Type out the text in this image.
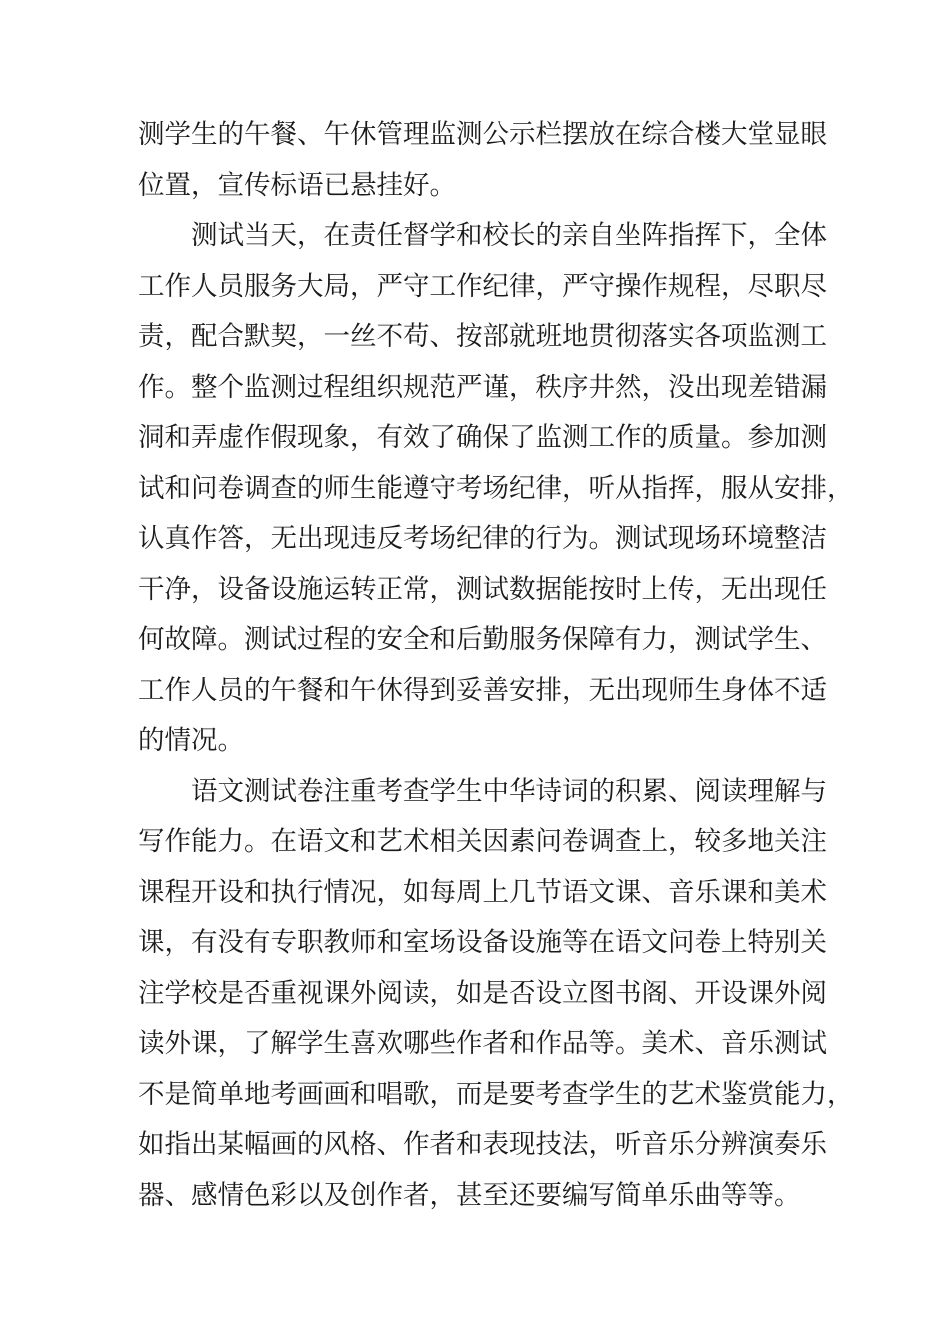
测学生的午餐、午休管理监测公示栏摆放在综合楼大堂显眼
位置，宣传标语已悬挂好。
测试当天，在责任督学和校长的亲自坐阵指挥下，全体
工作人员服务大局，严守工作纪律，严守操作规程，尽职尽
责，配合默契，一丝不苟、按部就班地贯彻落实各项监测工
作。整个监测过程组织规范严谨，秩序井然，没出现差错漏
洞和弄虚作假现象，有效了确保了监测工作的质量。参加测
试和问卷调查的师生能遵守考场纪律，听从指挥，服从安排，
认真作答，无出现违反考场纪律的行为。测试现场环境整洁
干净，设备设施运转正常，测试数据能按时上传，无出现任
何故障。测试过程的安全和后勤服务保障有力，测试学生、
工作人员的午餐和午休得到妥善安排，无出现师生身体不适
的情况。
语文测试卷注重考查学生中华诗词的积累、阅读理解与
写作能力。在语文和艺术相关因素问卷调查上，较多地关注
课程开设和执行情况，如每周上几节语文课、音乐课和美术
课，有没有专职教师和室场设备设施等在语文问卷上特别关
注学校是否重视课外阅读，如是否设立图书阁、开设课外阅
读外课，了解学生喜欢哪些作者和作品等。美术、音乐测试
不是简单地考画画和唱歌，而是要考查学生的艺术鉴赏能力，
如指出某幅画的风格、作者和表现技法，听音乐分辨演奏乐
器、感情色彩以及创作者，甚至还要编写简单乐曲等等。
